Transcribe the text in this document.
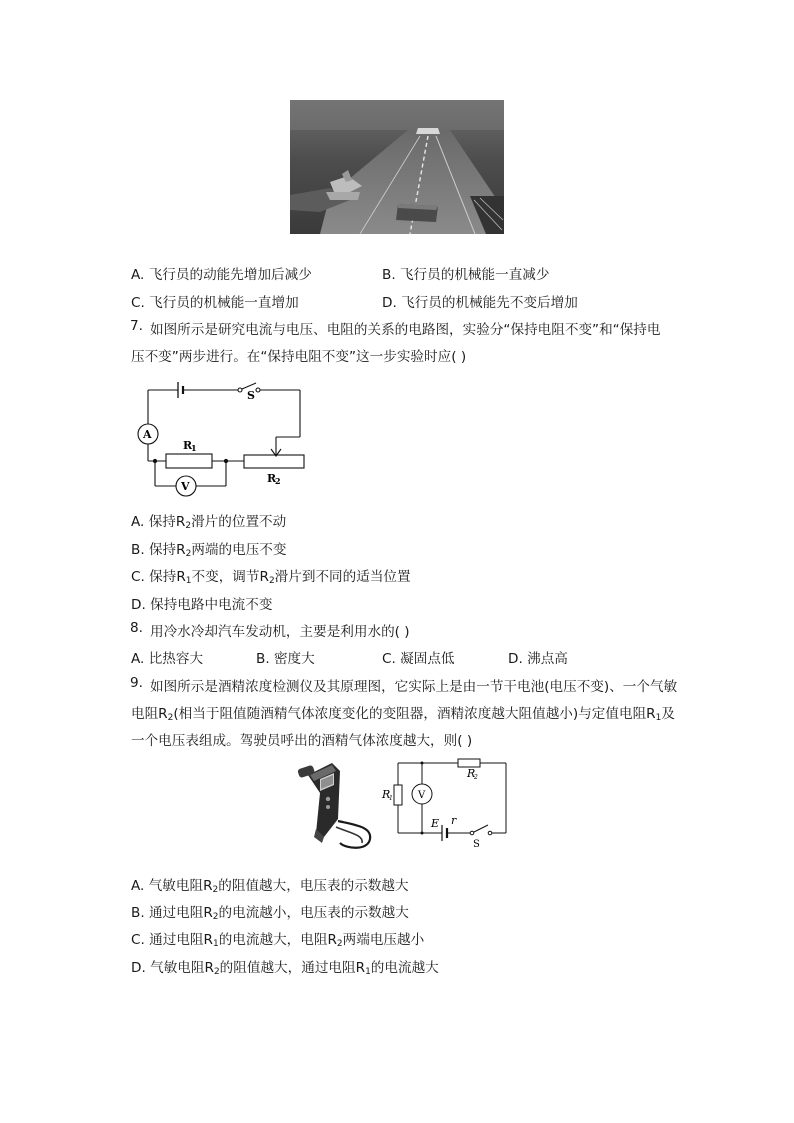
A. 飞行员的动能先增加后减少	B. 飞行员的机械能一直减少
C. 飞行员的机械能一直增加	D. 飞行员的机械能先不变后增加
7. 如图所示是研究电流与电压、电阻的关系的电路图，实验分“保持电阻不变”和“保持电
压不变”两步进行。在“保持电阻不变”这一步实验时应( )
S
A
V
R
1
R
2
A. 保持$R_2$滑片的位置不动
B. 保持$R_2$两端的电压不变
C. 保持$R_1$不变，调节$R_2$滑片到不同的适当位置
D. 保持电路中电流不变
8. 用冷水冷却汽车发动机，主要是利用水的( )
A. 比热容大	B. 密度大	C. 凝固点低	D. 沸点高
9. 如图所示是酒精浓度检测仪及其原理图，它实际上是由一节干电池(电压不变)、一个气敏
电阻$R_2$(相当于阻值随酒精气体浓度变化的变阻器，酒精浓度越大阻值越小)与定值电阻$R_1$及
一个电压表组成。驾驶员呼出的酒精气体浓度越大，则( )
R
1	V
R
2
E r
S
A. 气敏电阻$R_2$的阻值越大，电压表的示数越大
B. 通过电阻$R_2$的电流越小，电压表的示数越大
C. 通过电阻$R_1$的电流越大，电阻$R_2$两端电压越小
D. 气敏电阻$R_2$的阻值越大，通过电阻$R_1$的电流越大
